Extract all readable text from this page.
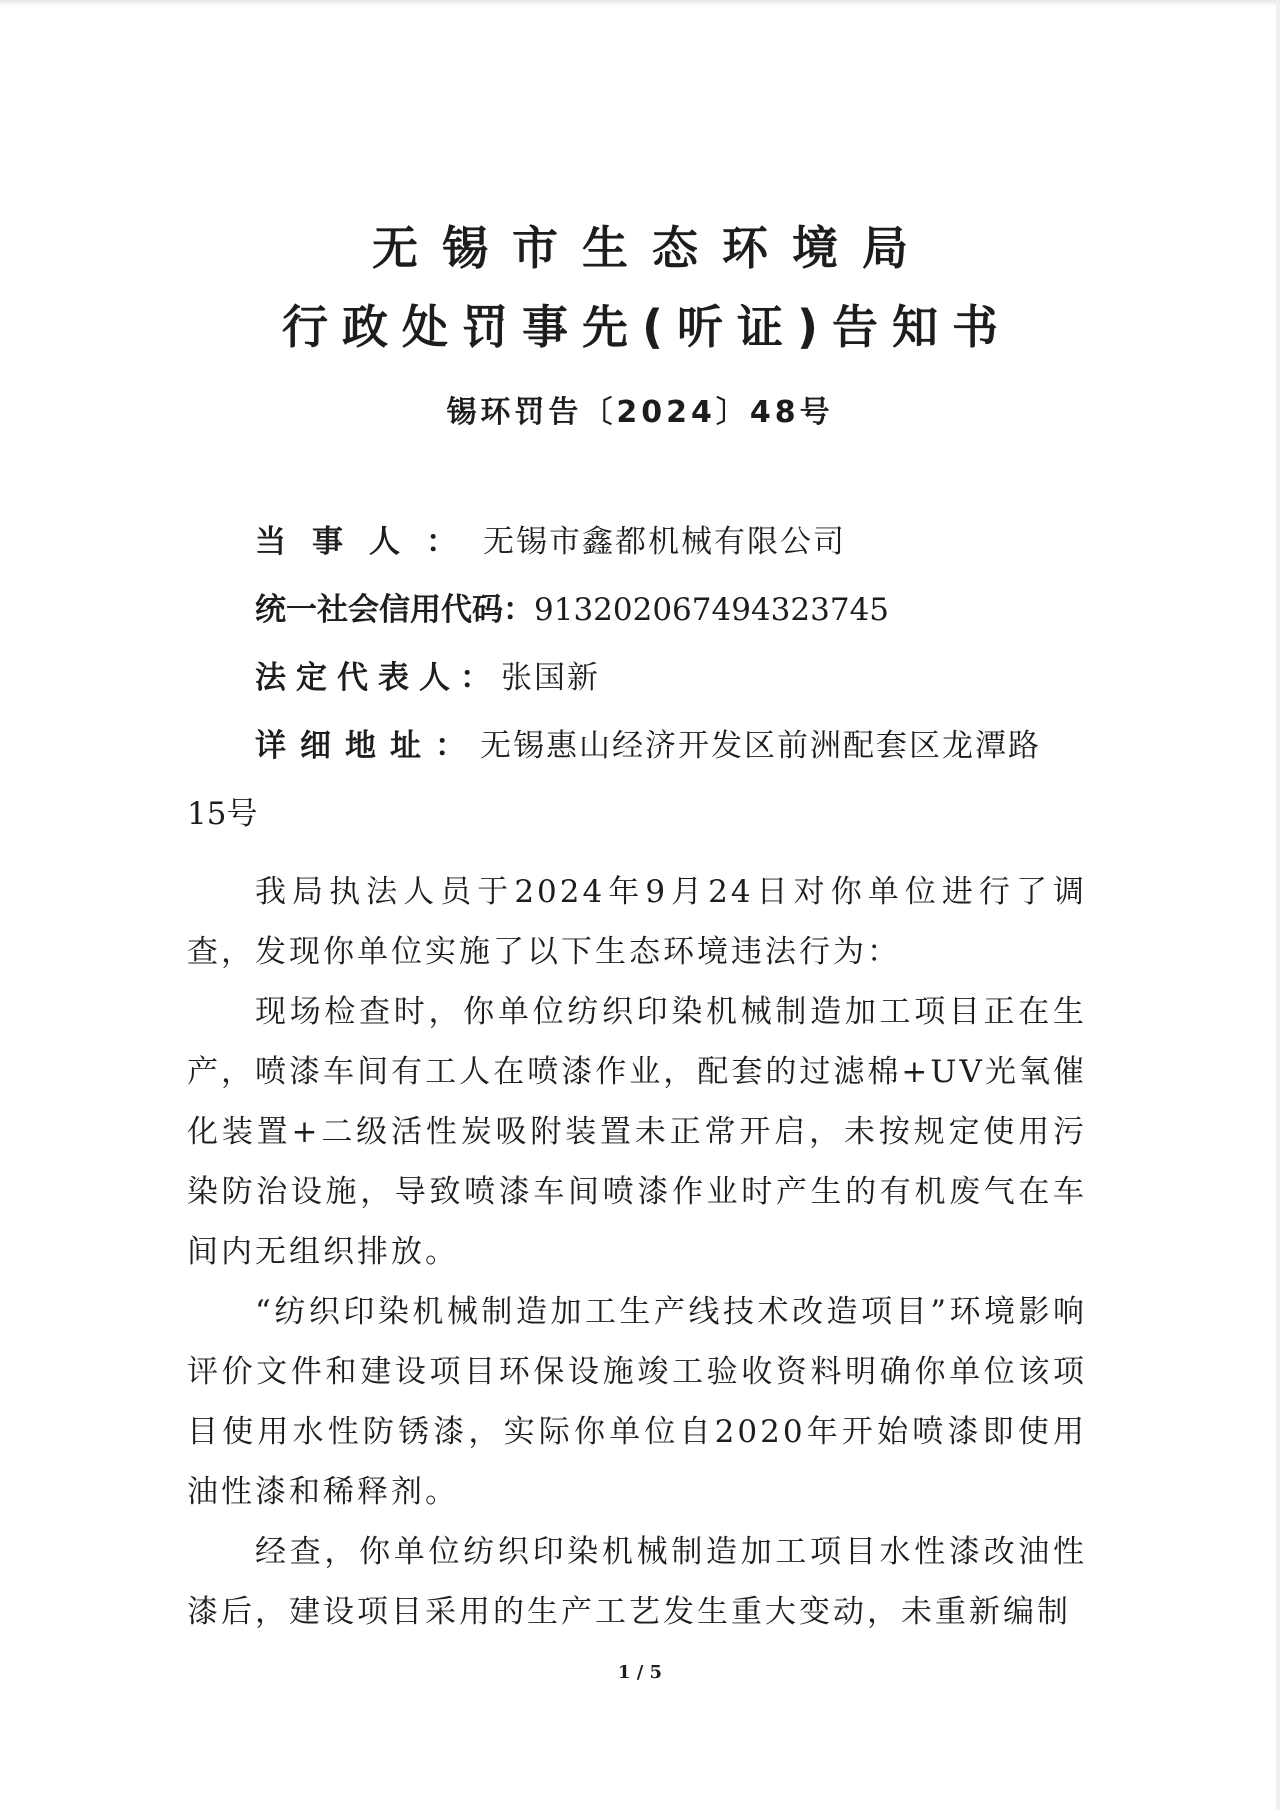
无锡市生态环境局
行政处罚事先(听证)告知书
锡环罚告〔2024〕48号
当事人：无锡市鑫都机械有限公司
统一社会信用代码：913202067494323745
法定代表人：张国新
详细地址：无锡惠山经济开发区前洲配套区龙潭路
15号

我局执法人员于2024年9月24日对你单位进行了调查，发现你单位实施了以下生态环境违法行为：

现场检查时，你单位纺织印染机械制造加工项目正在生产，喷漆车间有工人在喷漆作业，配套的过滤棉+UV光氧催化装置+二级活性炭吸附装置未正常开启，未按规定使用污染防治设施，导致喷漆车间喷漆作业时产生的有机废气在车间内无组织排放。

“纺织印染机械制造加工生产线技术改造项目”环境影响评价文件和建设项目环保设施竣工验收资料明确你单位该项目使用水性防锈漆，实际你单位自2020年开始喷漆即使用油性漆和稀释剂。

经查，你单位纺织印染机械制造加工项目水性漆改油性漆后，建设项目采用的生产工艺发生重大变动，未重新编制

1 / 5
